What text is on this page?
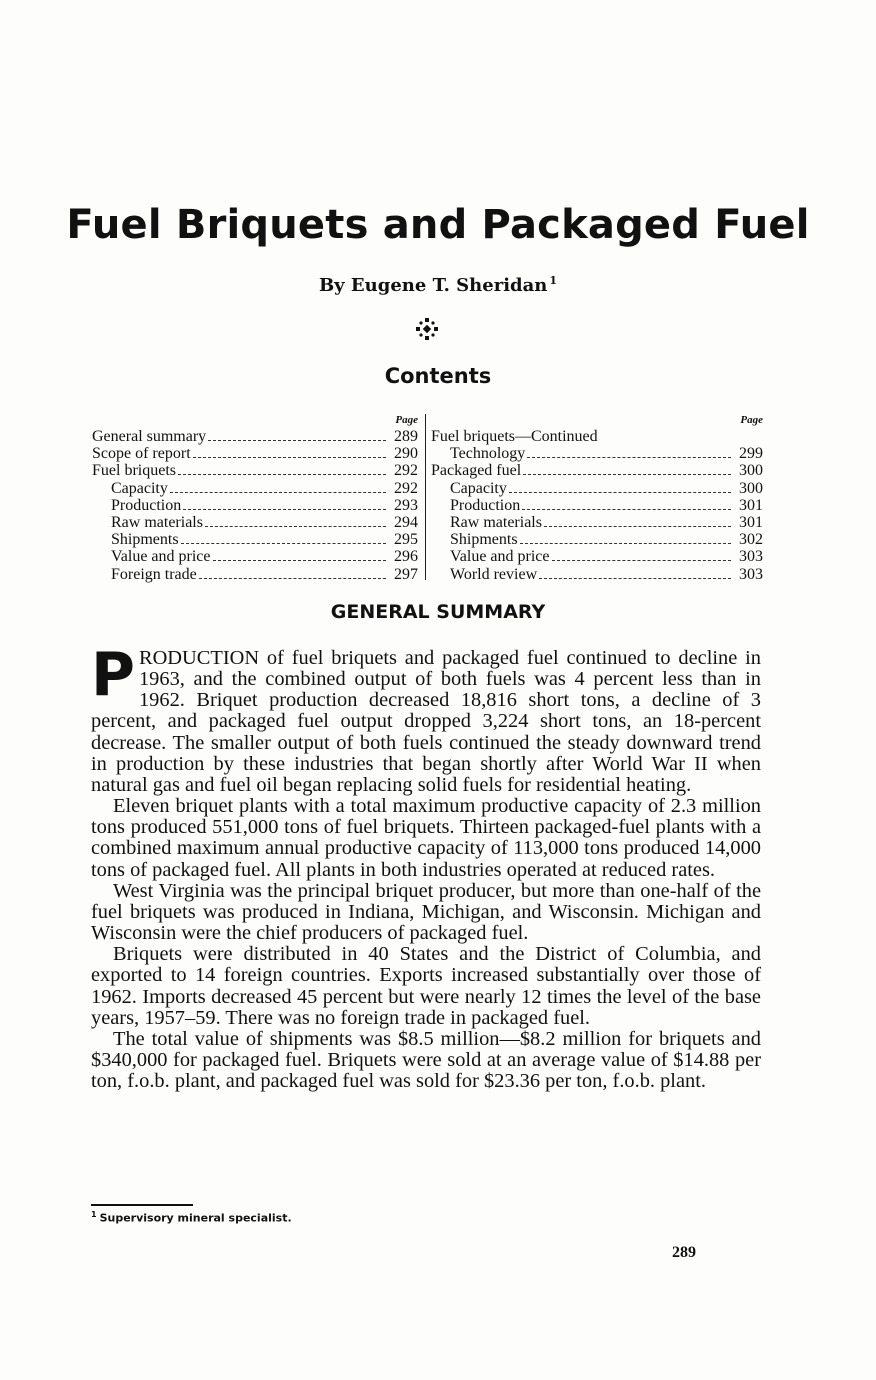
Fuel Briquets and Packaged Fuel
By Eugene T. Sheridan $^1$
Contents
Page
General summary	289
Scope of report	290
Fuel briquets	292
Capacity	292
Production	293
Raw materials	294
Shipments	295
Value and price	296
Foreign trade	297
Page
Fuel briquets—Continued
Technology	299
Packaged fuel	300
Capacity	300
Production	301
Raw materials	301
Shipments	302
Value and price	303
World review	303
GENERAL SUMMARY

PRODUCTION of fuel briquets and packaged fuel continued to decline in 1963, and the combined output of both fuels was 4 percent less than in 1962. Briquet production decreased 18,816 short tons, a decline of 3 percent, and packaged fuel output dropped 3,224 short tons, an 18-percent decrease. The smaller output of both fuels continued the steady downward trend in production by these industries that began shortly after World War II when natural gas and fuel oil began replacing solid fuels for residential heating.

Eleven briquet plants with a total maximum productive capacity of 2.3 million tons produced 551,000 tons of fuel briquets. Thirteen packaged-fuel plants with a combined maximum annual productive capacity of 113,000 tons produced 14,000 tons of packaged fuel. All plants in both industries operated at reduced rates.

West Virginia was the principal briquet producer, but more than one-half of the fuel briquets was produced in Indiana, Michigan, and Wisconsin. Michigan and Wisconsin were the chief producers of packaged fuel.

Briquets were distributed in 40 States and the District of Columbia, and exported to 14 foreign countries. Exports increased substantially over those of 1962. Imports decreased 45 percent but were nearly 12 times the level of the base years, 1957–59. There was no foreign trade in packaged fuel.

The total value of shipments was $8.5 million—$8.2 million for briquets and $340,000 for packaged fuel. Briquets were sold at an average value of $14.88 per ton, f.o.b. plant, and packaged fuel was sold for $23.36 per ton, f.o.b. plant.

$^1$ Supervisory mineral specialist.
289
